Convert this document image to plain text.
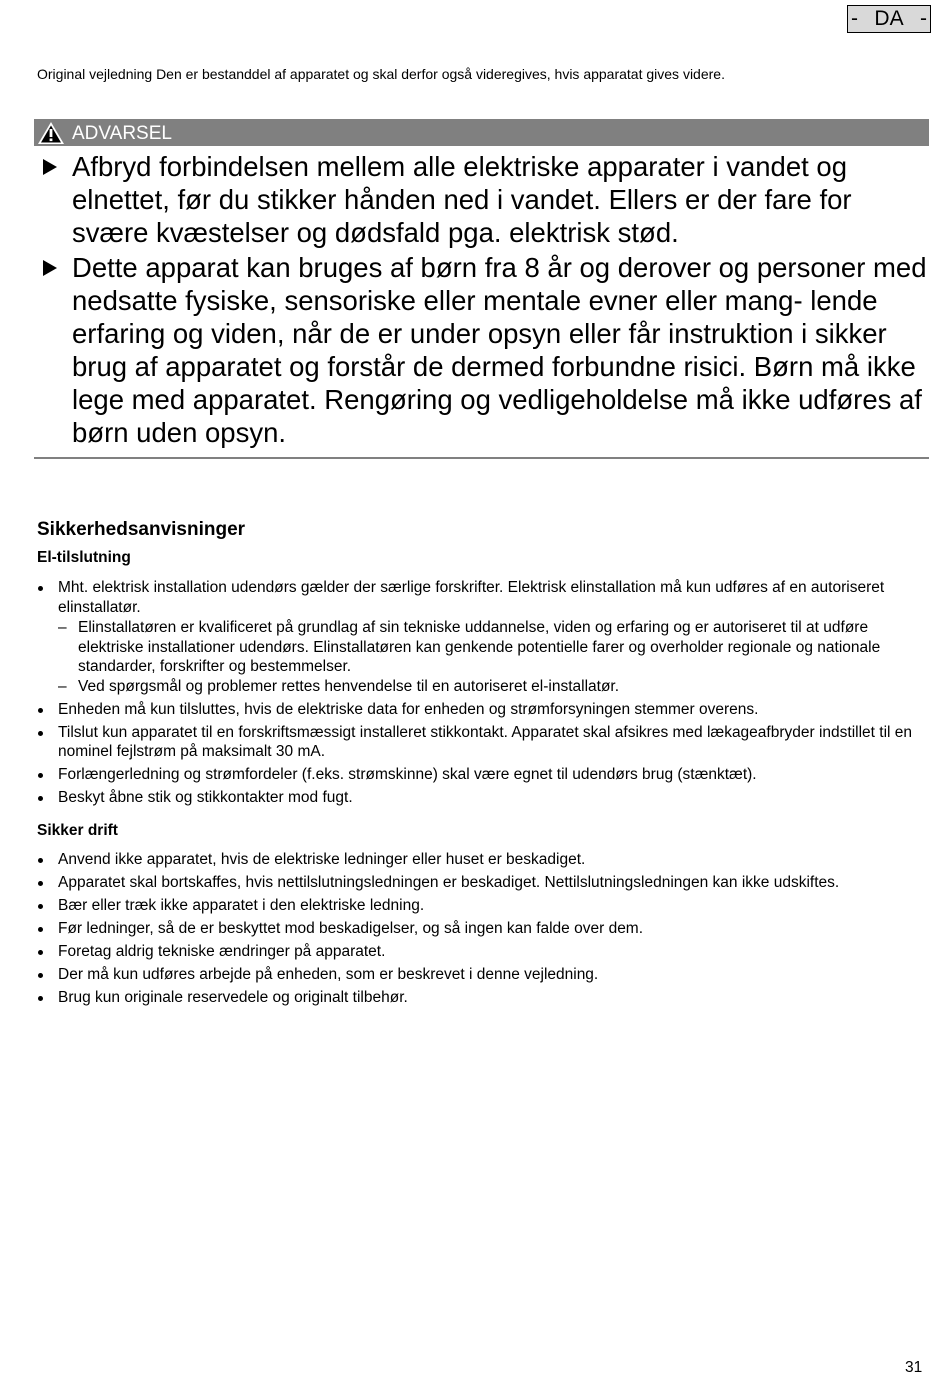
- DA -
Original vejledning Den er bestanddel af apparatet og skal derfor også videregives, hvis apparatat gives videre.
ADVARSEL
Afbryd forbindelsen mellem alle elektriske apparater i vandet og elnettet, før du stikker hånden ned i vandet. Ellers er der fare for svære kvæstelser og dødsfald pga. elektrisk stød.
Dette apparat kan bruges af børn fra 8 år og derover og personer med nedsatte fysiske, sensoriske eller mentale evner eller mang- lende erfaring og viden, når de er under opsyn eller får instruktion i sikker brug af apparatet og forstår de dermed forbundne risici. Børn må ikke lege med apparatet. Rengøring og vedligeholdelse må ikke udføres af børn uden opsyn.
Sikkerhedsanvisninger
El-tilslutning
Mht. elektrisk installation udendørs gælder der særlige forskrifter. Elektrisk elinstallation må kun udføres af en autoriseret elinstallatør.
– Elinstallatøren er kvalificeret på grundlag af sin tekniske uddannelse, viden og erfaring og er autoriseret til at udføre elektriske installationer udendørs. Elinstallatøren kan genkende potentielle farer og overholder regionale og nationale standarder, forskrifter og bestemmelser.
– Ved spørgsmål og problemer rettes henvendelse til en autoriseret el-installatør.
Enheden må kun tilsluttes, hvis de elektriske data for enheden og strømforsyningen stemmer overens.
Tilslut kun apparatet til en forskriftsmæssigt installeret stikkontakt. Apparatet skal afsikres med lækageafbryder indstillet til en nominel fejlstrøm på maksimalt 30 mA.
Forlængerledning og strømfordeler (f.eks. strømskinne) skal være egnet til udendørs brug (stænktæt).
Beskyt åbne stik og stikkontakter mod fugt.
Sikker drift
Anvend ikke apparatet, hvis de elektriske ledninger eller huset er beskadiget.
Apparatet skal bortskaffes, hvis nettilslutningsledningen er beskadiget. Nettilslutningsledningen kan ikke udskiftes.
Bær eller træk ikke apparatet i den elektriske ledning.
Før ledninger, så de er beskyttet mod beskadigelser, og så ingen kan falde over dem.
Foretag aldrig tekniske ændringer på apparatet.
Der må kun udføres arbejde på enheden, som er beskrevet i denne vejledning.
Brug kun originale reservedele og originalt tilbehør.
31
